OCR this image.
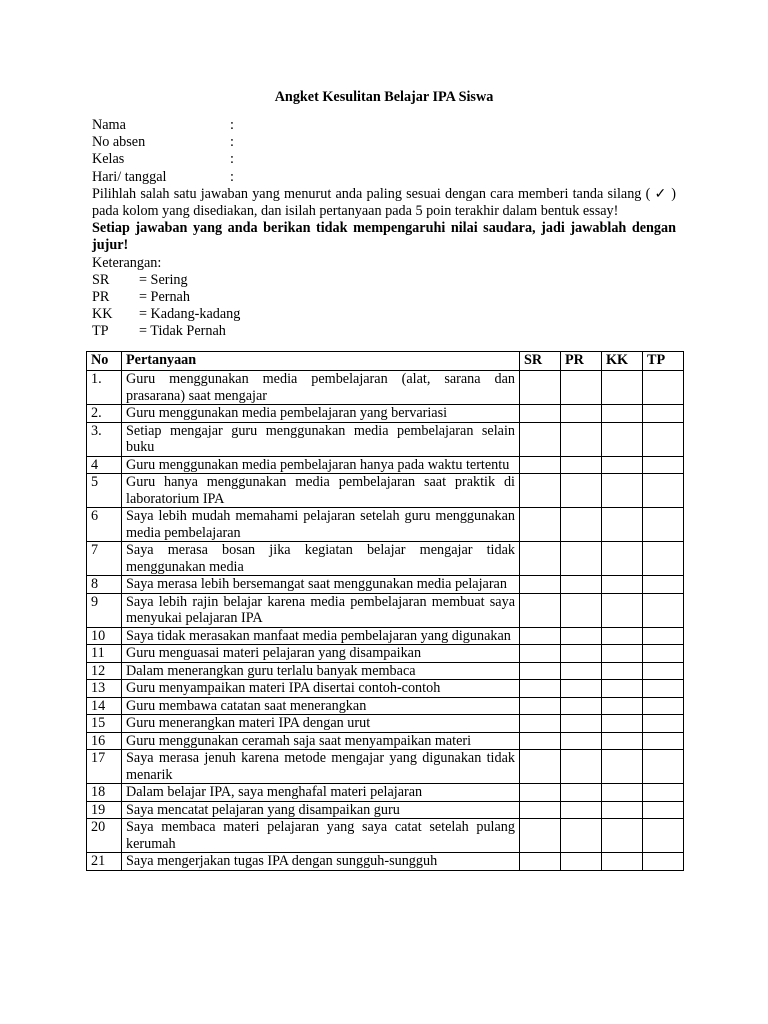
Angket Kesulitan Belajar IPA Siswa
Nama	:
No absen	:
Kelas	:
Hari/ tanggal	:
Pilihlah salah satu jawaban yang menurut anda paling sesuai dengan cara memberi tanda silang ( ✓ ) pada kolom yang disediakan, dan isilah pertanyaan pada 5 poin terakhir dalam bentuk essay!
Setiap jawaban yang anda berikan tidak mempengaruhi nilai saudara, jadi jawablah dengan jujur!
Keterangan:
SR	= Sering
PR	= Pernah
KK	= Kadang-kadang
TP	= Tidak Pernah
No	Pertanyaan	SR	PR	KK	TP
1.	Guru menggunakan media pembelajaran (alat, sarana dan prasarana) saat mengajar				
2.	Guru menggunakan media pembelajaran yang bervariasi				
3.	Setiap mengajar guru menggunakan media pembelajaran selain buku				
4	Guru menggunakan media pembelajaran hanya pada waktu tertentu				
5	Guru hanya menggunakan media pembelajaran saat praktik di laboratorium IPA				
6	Saya lebih mudah memahami pelajaran setelah guru menggunakan media pembelajaran				
7	Saya merasa bosan jika kegiatan belajar mengajar tidak menggunakan media				
8	Saya merasa lebih bersemangat saat menggunakan media pelajaran				
9	Saya lebih rajin belajar karena media pembelajaran membuat saya menyukai pelajaran IPA				
10	Saya tidak merasakan manfaat media pembelajaran yang digunakan				
11	Guru menguasai materi pelajaran yang disampaikan				
12	Dalam menerangkan guru terlalu banyak membaca				
13	Guru menyampaikan materi IPA disertai contoh-contoh				
14	Guru membawa catatan saat menerangkan				
15	Guru menerangkan materi IPA dengan urut				
16	Guru menggunakan ceramah saja saat menyampaikan materi				
17	Saya merasa jenuh karena metode mengajar yang digunakan tidak menarik				
18	Dalam belajar IPA, saya menghafal materi pelajaran				
19	Saya mencatat pelajaran yang disampaikan guru				
20	Saya membaca materi pelajaran yang saya catat setelah pulang kerumah				
21	Saya mengerjakan tugas IPA dengan sungguh-sungguh				
